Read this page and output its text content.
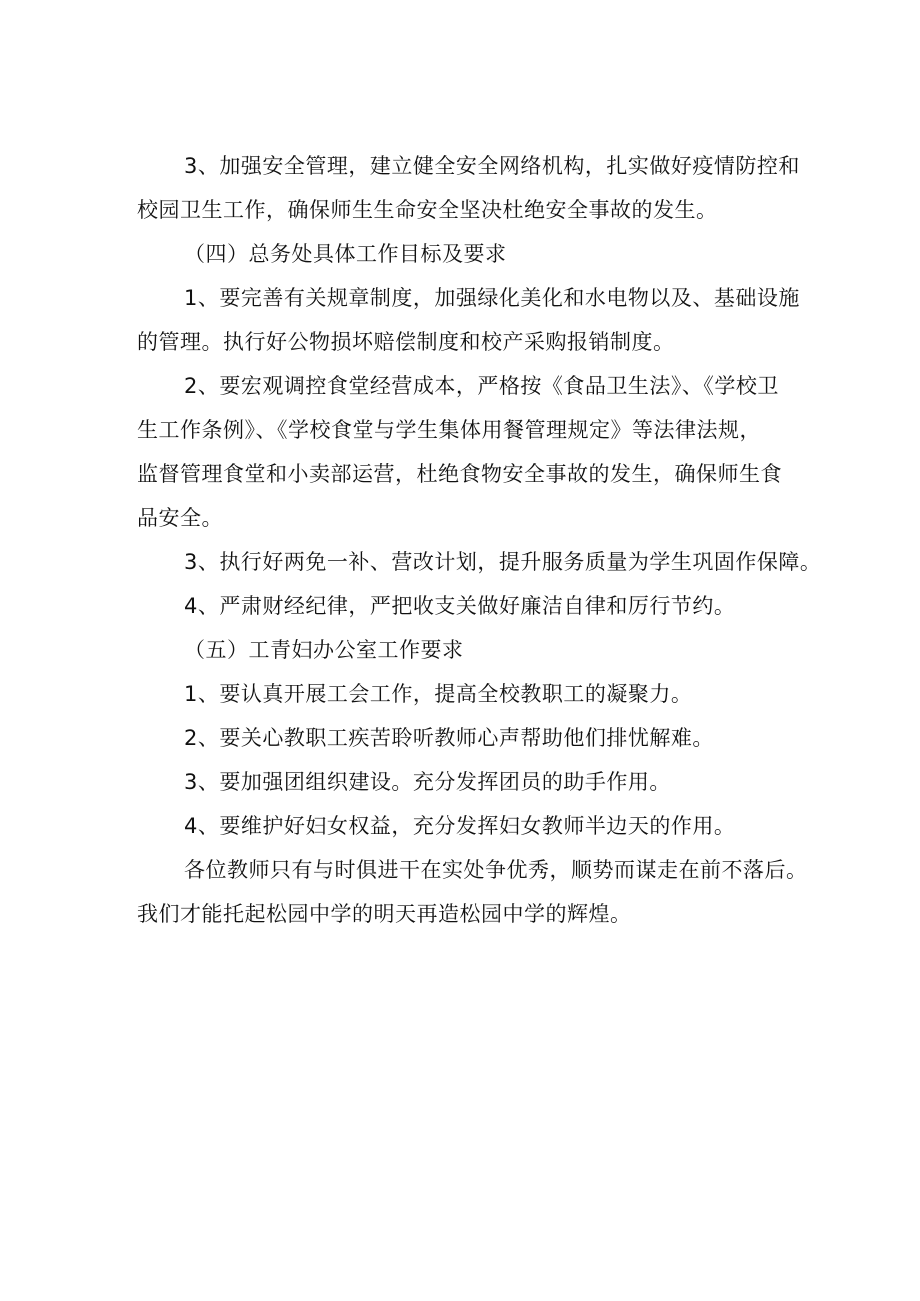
3、加强安全管理，建立健全安全网络机构，扎实做好疫情防控和
校园卫生工作，确保师生生命安全坚决杜绝安全事故的发生。
（四）总务处具体工作目标及要求
1、要完善有关规章制度，加强绿化美化和水电物以及、基础设施
的管理。执行好公物损坏赔偿制度和校产采购报销制度。
2、要宏观调控食堂经营成本，严格按《食品卫生法》、《学校卫
生工作条例》、《学校食堂与学生集体用餐管理规定》等法律法规，
监督管理食堂和小卖部运营，杜绝食物安全事故的发生，确保师生食
品安全。
3、执行好两免一补、营改计划，提升服务质量为学生巩固作保障。
4、严肃财经纪律，严把收支关做好廉洁自律和厉行节约。
（五）工青妇办公室工作要求
1、要认真开展工会工作，提高全校教职工的凝聚力。
2、要关心教职工疾苦聆听教师心声帮助他们排忧解难。
3、要加强团组织建设。充分发挥团员的助手作用。
4、要维护好妇女权益，充分发挥妇女教师半边天的作用。
各位教师只有与时俱进干在实处争优秀，顺势而谋走在前不落后。
我们才能托起松园中学的明天再造松园中学的辉煌。
